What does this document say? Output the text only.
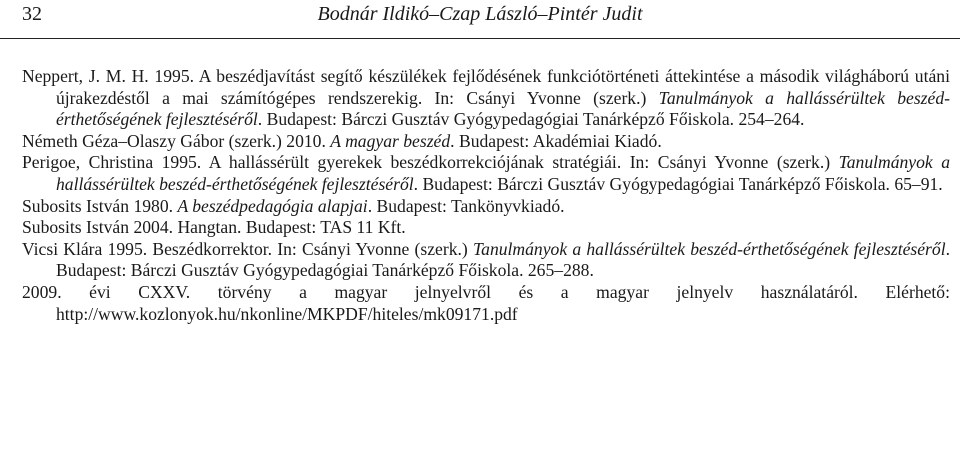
32	Bodnár Ildikó–Czap László–Pintér Judit

Neppert, J. M. H. 1995. A beszédjavítást segítő készülékek fejlődésének funkciótörténeti áttekintése a második világháború utáni újrakezdéstől a mai számítógépes rendszerekig. In: Csányi Yvonne (szerk.) Tanulmányok a hallássérültek beszéd-érthetőségének fejlesztéséről. Budapest: Bárczi Gusztáv Gyógypedagógiai Tanárképző Főiskola. 254–264.

Németh Géza–Olaszy Gábor (szerk.) 2010. A magyar beszéd. Budapest: Akadémiai Kiadó.

Perigoe, Christina 1995. A hallássérült gyerekek beszédkorrekciójának stratégiái. In: Csányi Yvonne (szerk.) Tanulmányok a hallássérültek beszéd-érthetőségének fejlesztéséről. Budapest: Bárczi Gusztáv Gyógypedagógiai Tanárképző Főiskola. 65–91.

Subosits István 1980. A beszédpedagógia alapjai. Budapest: Tankönyvkiadó.

Subosits István 2004. Hangtan. Budapest: TAS 11 Kft.

Vicsi Klára 1995. Beszédkorrektor. In: Csányi Yvonne (szerk.) Tanulmányok a hallássérültek beszéd-érthetőségének fejlesztéséről. Budapest: Bárczi Gusztáv Gyógypedagógiai Tanárképző Főiskola. 265–288.

2009. évi CXXV. törvény a magyar jelnyelvről és a magyar jelnyelv használatáról. Elérhető: http://www.kozlonyok.hu/nkonline/MKPDF/hiteles/mk09171.pdf
